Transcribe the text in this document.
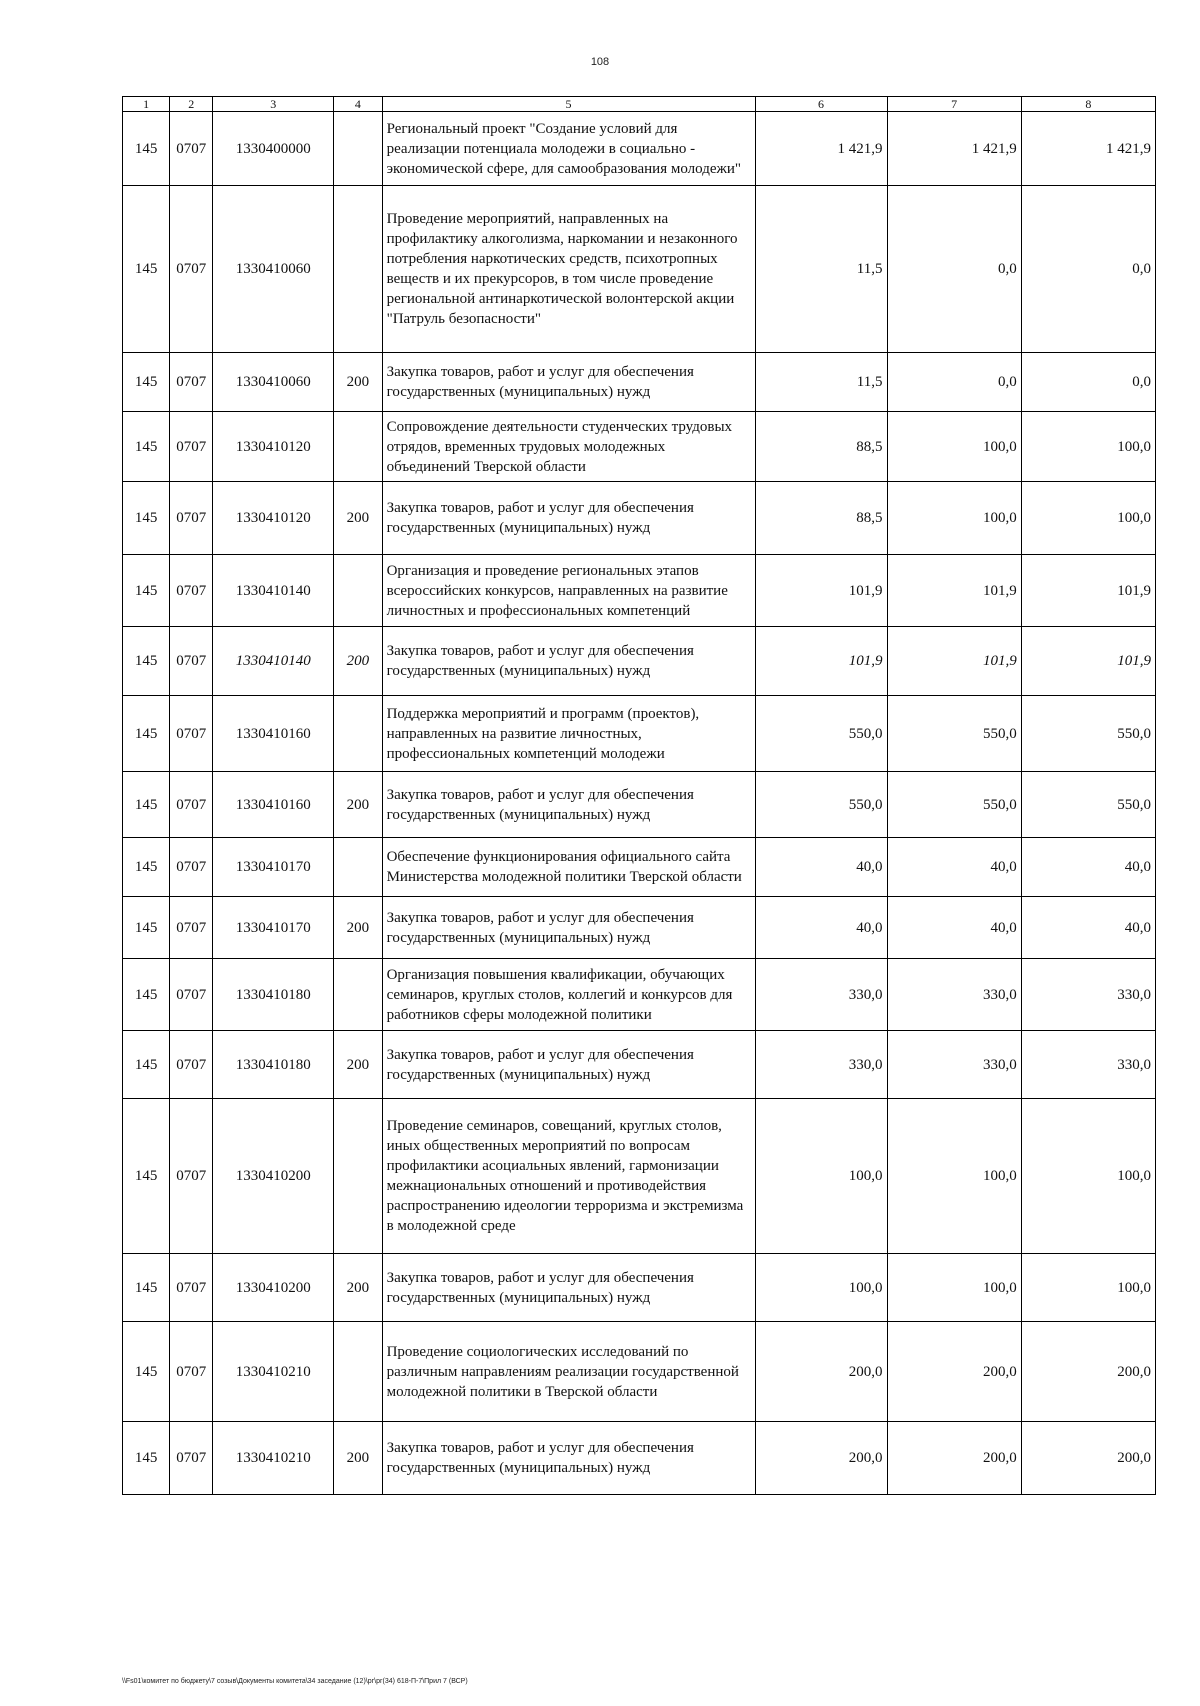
108
1	2	3	4	5	6	7	8
145	0707	1330400000		Региональный проект "Создание условий для реализации потенциала молодежи в социально - экономической сфере, для самообразования молодежи"	1 421,9	1 421,9	1 421,9
145	0707	1330410060		Проведение мероприятий, направленных на профилактику алкоголизма, наркомании и незаконного потребления наркотических средств, психотропных веществ и их прекурсоров, в том числе проведение региональной антинаркотической волонтерской акции "Патруль безопасности"	11,5	0,0	0,0
145	0707	1330410060	200	Закупка товаров, работ и услуг для обеспечения государственных (муниципальных) нужд	11,5	0,0	0,0
145	0707	1330410120		Сопровождение деятельности студенческих трудовых отрядов, временных трудовых молодежных объединений Тверской области	88,5	100,0	100,0
145	0707	1330410120	200	Закупка товаров, работ и услуг для обеспечения государственных (муниципальных) нужд	88,5	100,0	100,0
145	0707	1330410140		Организация и проведение региональных этапов всероссийских конкурсов, направленных на развитие личностных и профессиональных компетенций	101,9	101,9	101,9
145	0707	1330410140	200	Закупка товаров, работ и услуг для обеспечения государственных (муниципальных) нужд	101,9	101,9	101,9
145	0707	1330410160		Поддержка мероприятий и программ (проектов), направленных на развитие личностных, профессиональных компетенций молодежи	550,0	550,0	550,0
145	0707	1330410160	200	Закупка товаров, работ и услуг для обеспечения государственных (муниципальных) нужд	550,0	550,0	550,0
145	0707	1330410170		Обеспечение функционирования официального сайта Министерства молодежной политики Тверской области	40,0	40,0	40,0
145	0707	1330410170	200	Закупка товаров, работ и услуг для обеспечения государственных (муниципальных) нужд	40,0	40,0	40,0
145	0707	1330410180		Организация повышения квалификации, обучающих семинаров, круглых столов, коллегий и конкурсов для работников сферы молодежной политики	330,0	330,0	330,0
145	0707	1330410180	200	Закупка товаров, работ и услуг для обеспечения государственных (муниципальных) нужд	330,0	330,0	330,0
145	0707	1330410200		Проведение семинаров, совещаний, круглых столов, иных общественных мероприятий по вопросам профилактики асоциальных явлений, гармонизации межнациональных отношений и противодействия распространению идеологии терроризма и экстремизма в молодежной среде	100,0	100,0	100,0
145	0707	1330410200	200	Закупка товаров, работ и услуг для обеспечения государственных (муниципальных) нужд	100,0	100,0	100,0
145	0707	1330410210		Проведение социологических исследований по различным направлениям реализации государственной молодежной политики в Тверской области	200,0	200,0	200,0
145	0707	1330410210	200	Закупка товаров, работ и услуг для обеспечения государственных (муниципальных) нужд	200,0	200,0	200,0
\\Fs01\комитет по бюджету\7 созыв\Документы комитета\34 заседание (12)\рг\рг(34) 618-П-7\Прил 7 (ВСР)
